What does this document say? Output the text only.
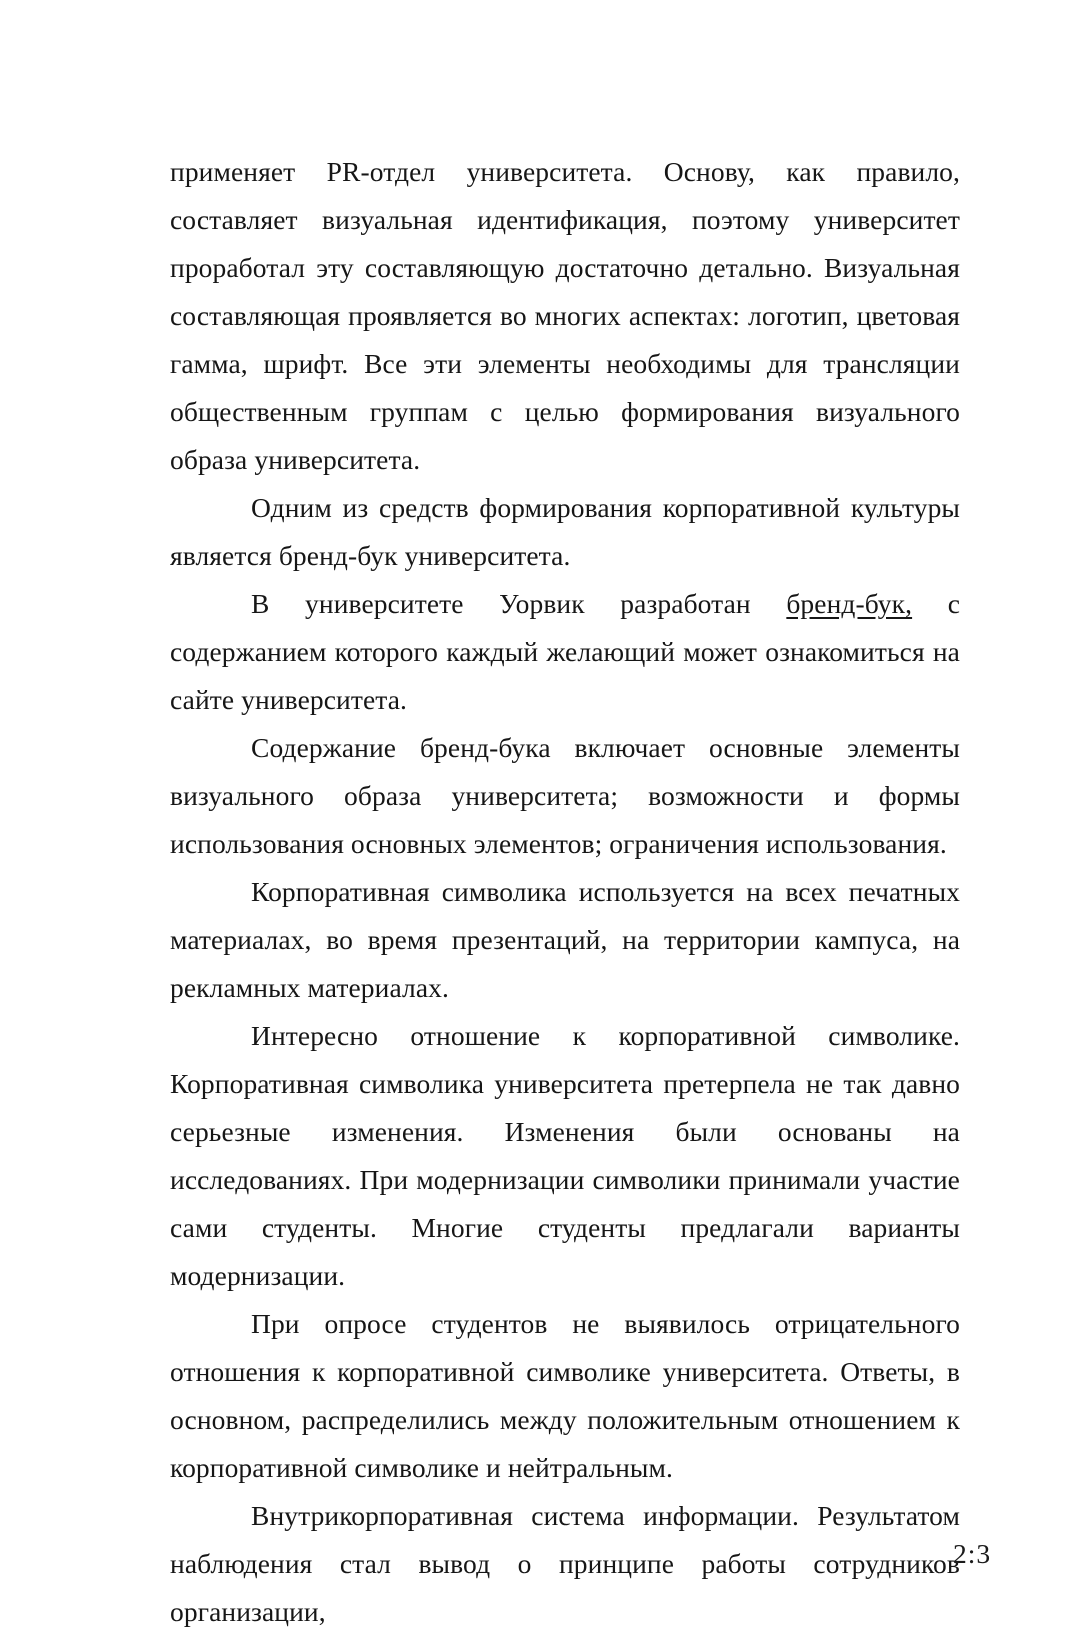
применяет PR-отдел университета. Основу, как правило, составляет визуальная идентификация, поэтому университет проработал эту составляющую достаточно детально. Визуальная составляющая проявляется во многих аспектах: логотип, цветовая гамма, шрифт. Все эти элементы необходимы для трансляции общественным группам с целью формирования визуального образа университета.

Одним из средств формирования корпоративной культуры является бренд-бук университета.

В университете Уорвик разработан бренд-бук, с содержанием которого каждый желающий может ознакомиться на сайте университета.

Содержание бренд-бука включает основные элементы визуального образа университета; возможности и формы использования основных элементов; ограничения использования.

Корпоративная символика используется на всех печатных материалах, во время презентаций, на территории кампуса, на рекламных материалах.

Интересно отношение к корпоративной символике. Корпоративная символика университета претерпела не так давно серьезные изменения. Изменения были основаны на исследованиях. При модернизации символики принимали участие сами студенты. Многие студенты предлагали варианты модернизации.

При опросе студентов не выявилось отрицательного отношения к корпоративной символике университета. Ответы, в основном, распределились между положительным отношением к корпоративной символике и нейтральным.

Внутрикорпоративная система информации. Результатом наблюдения стал вывод о принципе работы сотрудников организации,

2:3
